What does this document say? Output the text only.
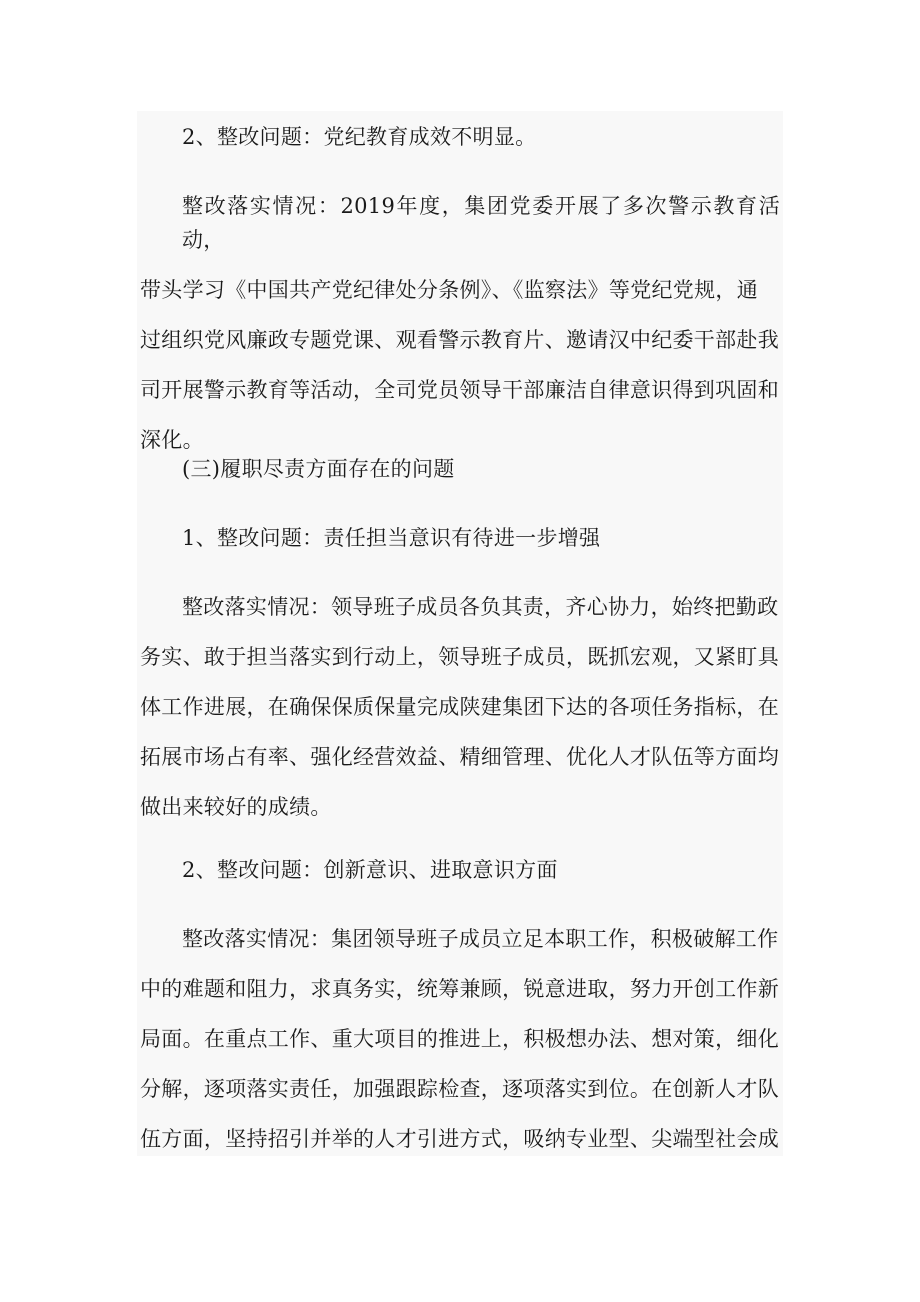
2、整改问题：党纪教育成效不明显。

整改落实情况：2019年度，集团党委开展了多次警示教育活动，
带头学习《中国共产党纪律处分条例》、《监察法》等党纪党规，通
过组织党风廉政专题党课、观看警示教育片、邀请汉中纪委干部赴我
司开展警示教育等活动，全司党员领导干部廉洁自律意识得到巩固和
深化。

(三)履职尽责方面存在的问题

1、整改问题：责任担当意识有待进一步增强

整改落实情况：领导班子成员各负其责，齐心协力，始终把勤政
务实、敢于担当落实到行动上，领导班子成员，既抓宏观，又紧盯具
体工作进展，在确保保质保量完成陕建集团下达的各项任务指标，在
拓展市场占有率、强化经营效益、精细管理、优化人才队伍等方面均
做出来较好的成绩。

2、整改问题：创新意识、进取意识方面

整改落实情况：集团领导班子成员立足本职工作，积极破解工作
中的难题和阻力，求真务实，统筹兼顾，锐意进取，努力开创工作新
局面。在重点工作、重大项目的推进上，积极想办法、想对策，细化
分解，逐项落实责任，加强跟踪检查，逐项落实到位。在创新人才队
伍方面，坚持招引并举的人才引进方式，吸纳专业型、尖端型社会成
